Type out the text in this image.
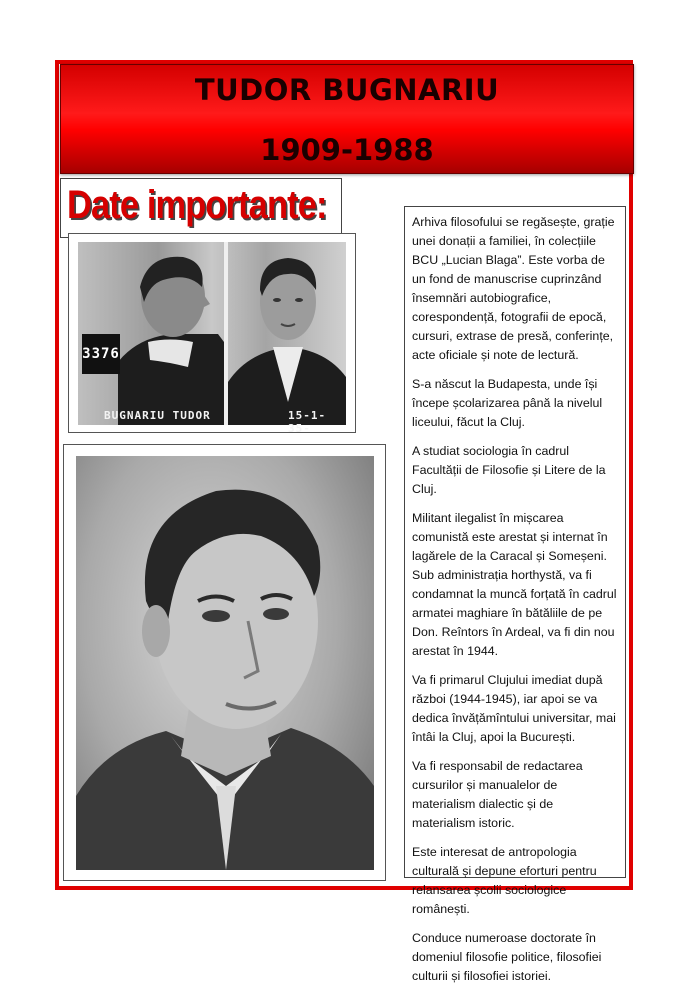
TUDOR BUGNARIU
1909-1988
Date importante:
3376
BUGNARIU TUDOR	15-1-35-

Arhiva filosofului se regăsește, grație unei donații a familiei, în colecțiile BCU „Lucian Blaga”. Este vorba de un fond de manuscrise cuprinzând însemnări autobiografice, corespondență, fotografii de epocă, cursuri, extrase de presă, conferințe, acte oficiale și note de lectură.

S-a născut la Budapesta, unde își începe școlarizarea până la nivelul liceului, făcut la Cluj.

A studiat sociologia în cadrul Facultății de Filosofie și Litere de la Cluj.

Militant ilegalist în mișcarea comunistă este arestat și internat în lagărele de la Caracal și Someșeni. Sub administrația horthystă, va fi condamnat la muncă forțată în cadrul armatei maghiare în bătăliile de pe Don. Reîntors în Ardeal, va fi din nou arestat în 1944.

Va fi primarul Clujului imediat după război (1944-1945), iar apoi se va dedica învățămîntului universitar, mai întâi la Cluj, apoi la București.

Va fi responsabil de redactarea cursurilor și manualelor de materialism dialectic și de materialism istoric.

Este interesat de antropologia culturală și depune eforturi pentru relansarea școlii sociologice românești.

Conduce numeroase doctorate în domeniul filosofie politice, filosofiei culturii și filosofiei istoriei.
